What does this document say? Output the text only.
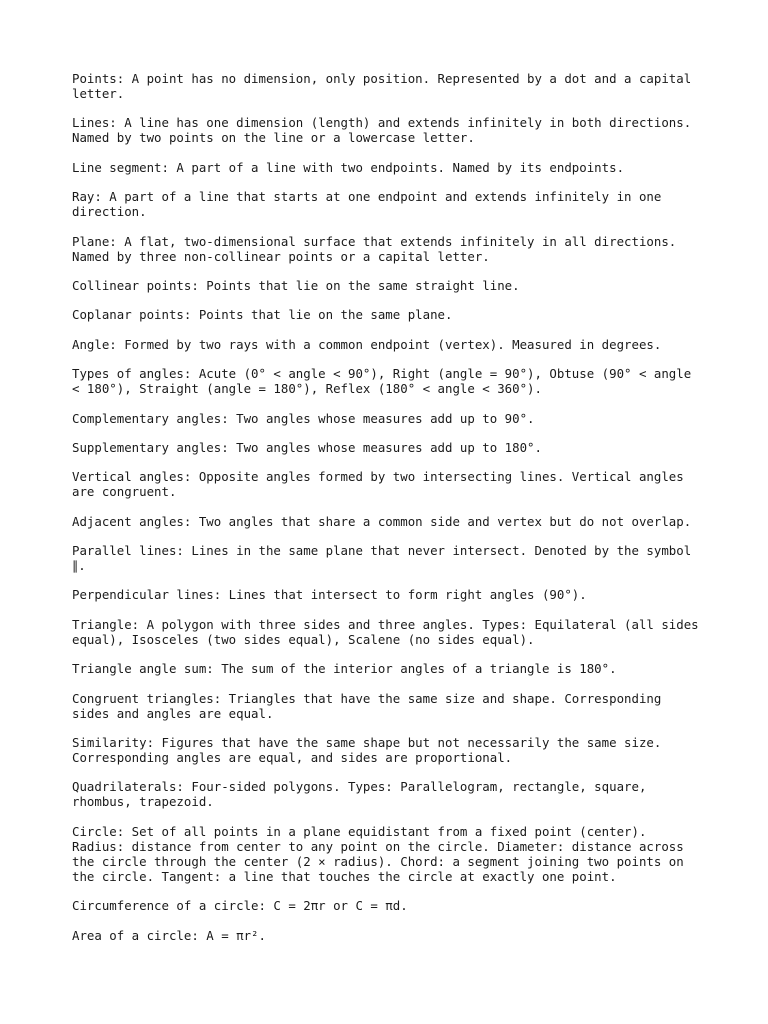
Points: A point has no dimension, only position. Represented by a dot and a capital letter.

Lines: A line has one dimension (length) and extends infinitely in both directions. Named by two points on the line or a lowercase letter.

Line segment: A part of a line with two endpoints. Named by its endpoints.

Ray: A part of a line that starts at one endpoint and extends infinitely in one direction.

Plane: A flat, two-dimensional surface that extends infinitely in all directions. Named by three non-collinear points or a capital letter.

Collinear points: Points that lie on the same straight line.

Coplanar points: Points that lie on the same plane.

Angle: Formed by two rays with a common endpoint (vertex). Measured in degrees.

Types of angles: Acute (0° < angle < 90°), Right (angle = 90°), Obtuse (90° < angle < 180°), Straight (angle = 180°), Reflex (180° < angle < 360°).

Complementary angles: Two angles whose measures add up to 90°.

Supplementary angles: Two angles whose measures add up to 180°.

Vertical angles: Opposite angles formed by two intersecting lines. Vertical angles are congruent.

Adjacent angles: Two angles that share a common side and vertex but do not overlap.

Parallel lines: Lines in the same plane that never intersect. Denoted by the symbol ∥.

Perpendicular lines: Lines that intersect to form right angles (90°).

Triangle: A polygon with three sides and three angles. Types: Equilateral (all sides equal), Isosceles (two sides equal), Scalene (no sides equal).

Triangle angle sum: The sum of the interior angles of a triangle is 180°.

Congruent triangles: Triangles that have the same size and shape. Corresponding sides and angles are equal.

Similarity: Figures that have the same shape but not necessarily the same size. Corresponding angles are equal, and sides are proportional.

Quadrilaterals: Four-sided polygons. Types: Parallelogram, rectangle, square, rhombus, trapezoid.

Circle: Set of all points in a plane equidistant from a fixed point (center). Radius: distance from center to any point on the circle. Diameter: distance across the circle through the center (2 × radius). Chord: a segment joining two points on the circle. Tangent: a line that touches the circle at exactly one point.

Circumference of a circle: C = 2πr or C = πd.

Area of a circle: A = πr².
